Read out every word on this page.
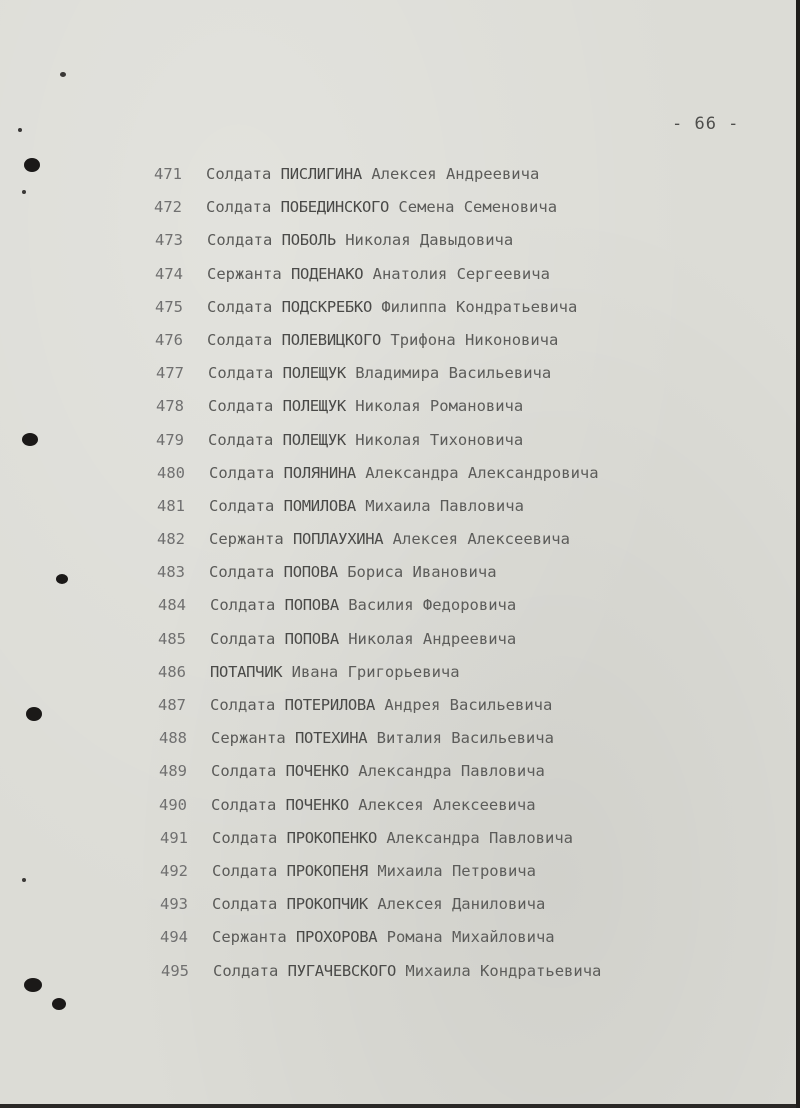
- 66 -
471 Солдата ПИСЛИГИНА Алексея Андреевича
472 Солдата ПОБЕДИНСКОГО Семена Семеновича
473 Солдата ПОБОЛЬ Николая Давыдовича
474 Сержанта ПОДЕНАКО Анатолия Сергеевича
475 Солдата ПОДСКРЕБКО Филиппа Кондратьевича
476 Солдата ПОЛЕВИЦКОГО Трифона Никоновича
477 Солдата ПОЛЕЩУК Владимира Васильевича
478 Солдата ПОЛЕЩУК Николая Романовича
479 Солдата ПОЛЕЩУК Николая Тихоновича
480 Солдата ПОЛЯНИНА Александра Александровича
481 Солдата ПОМИЛОВА Михаила Павловича
482 Сержанта ПОПЛАУХИНА Алексея Алексеевича
483 Солдата ПОПОВА Бориса Ивановича
484 Солдата ПОПОВА Василия Федоровича
485 Солдата ПОПОВА Николая Андреевича
486 ПОТАПЧИК Ивана Григорьевича
487 Солдата ПОТЕРИЛОВА Андрея Васильевича
488 Сержанта ПОТЕХИНА Виталия Васильевича
489 Солдата ПОЧЕНКО Александра Павловича
490 Солдата ПОЧЕНКО Алексея Алексеевича
491 Солдата ПРОКОПЕНКО Александра Павловича
492 Солдата ПРОКОПЕНЯ Михаила Петровича
493 Солдата ПРОКОПЧИК Алексея Даниловича
494 Сержанта ПРОХОРОВА Романа Михайловича
495 Солдата ПУГАЧЕВСКОГО Михаила Кондратьевича
